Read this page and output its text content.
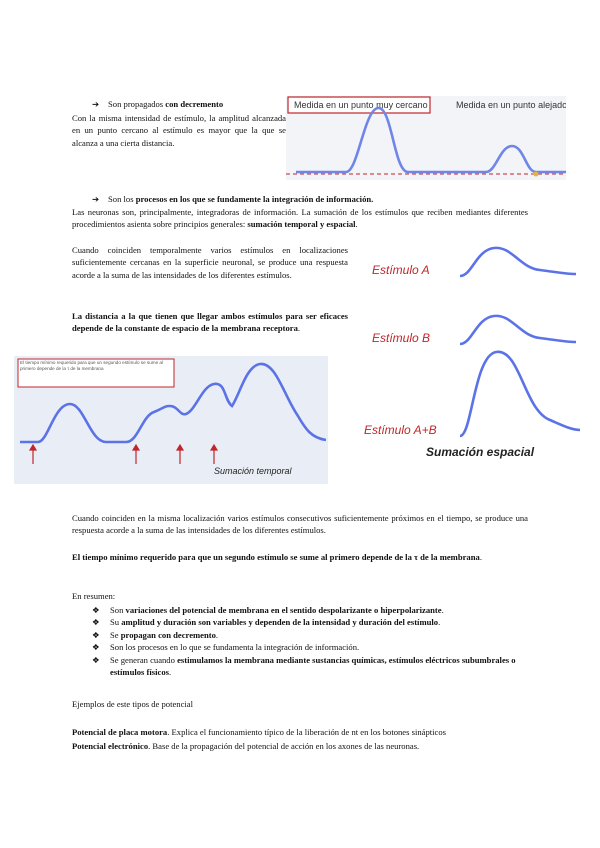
➔ Son propagados con decremento
Con la misma intensidad de estímulo, la amplitud alcanzada en un punto cercano al estímulo es mayor que la que se alcanza a una cierta distancia.
Medida en un punto muy cercano	Medida en un punto alejado
➔ Son los procesos en los que se fundamente la integración de información.
Las neuronas son, principalmente, integradoras de información. La sumación de los estímulos que reciben mediantes diferentes procedimientos asienta sobre principios generales: sumación temporal y espacial.
Cuando coinciden temporalmente varios estímulos en localizaciones suficientemente cercanas en la superficie neuronal, se produce una respuesta acorde a la suma de las intensidades de los diferentes estímulos.
La distancia a la que tienen que llegar ambos estímulos para ser eficaces depende de la constante de espacio de la membrana receptora.
Estímulo A
Estímulo B
Estímulo A+B
Sumación espacial
El tiempo mínimo requerido para que un segundo estímulo se sume al primero depende de la τ de la membrana
Sumación temporal
Cuando coinciden en la misma localización varios estímulos consecutivos suficientemente próximos en el tiempo, se produce una respuesta acorde a la suma de las intensidades de los diferentes estímulos.
El tiempo mínimo requerido para que un segundo estímulo se sume al primero depende de la τ de la membrana.
En resumen:
❖ Son variaciones del potencial de membrana en el sentido despolarizante o hiperpolarizante.
❖ Su amplitud y duración son variables y dependen de la intensidad y duración del estímulo.
❖ Se propagan con decremento.
❖ Son los procesos en lo que se fundamenta la integración de información.
❖ Se generan cuando estimulamos la membrana mediante sustancias químicas, estímulos eléctricos subumbrales o estímulos físicos.
Ejemplos de este tipos de potencial
Potencial de placa motora. Explica el funcionamiento típico de la liberación de nt en los botones sinápticos
Potencial electrónico. Base de la propagación del potencial de acción en los axones de las neuronas.
